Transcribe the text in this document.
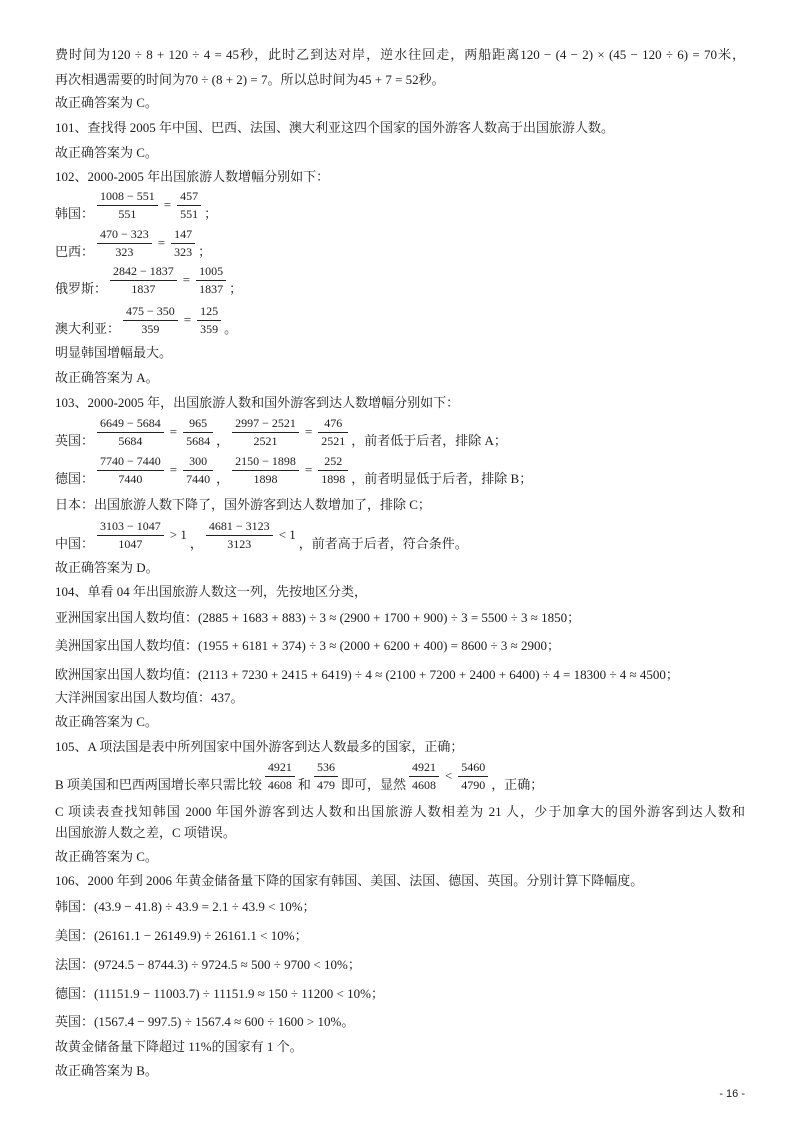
费时间为120 ÷ 8 + 120 ÷ 4 = 45秒，此时乙到达对岸，逆水往回走，两船距离120 − (4 − 2) × (45 − 120 ÷ 6) = 70米，
再次相遇需要的时间为70 ÷ (8 + 2) = 7。所以总时间为45 + 7 = 52秒。
故正确答案为 C。
101、查找得 2005 年中国、巴西、法国、澳大利亚这四个国家的国外游客人数高于出国旅游人数。
故正确答案为 C。
102、2000-2005 年出国旅游人数增幅分别如下：
韩国： $\frac{1008 - 551}{551} = \frac{457}{551}$ ；
巴西： $\frac{470 - 323}{323} = \frac{147}{323}$ ；
俄罗斯： $\frac{2842 - 1837}{1837} = \frac{1005}{1837}$ ；
澳大利亚： $\frac{475 - 350}{359} = \frac{125}{359}$ 。
明显韩国增幅最大。
故正确答案为 A。
103、2000-2005 年，出国旅游人数和国外游客到达人数增幅分别如下：
英国： $\frac{6649 - 5684}{5684} = \frac{965}{5684}$ ， $\frac{2997 - 2521}{2521} = \frac{476}{2521}$ ，前者低于后者，排除 A；
德国： $\frac{7740 - 7440}{7440} = \frac{300}{7440}$ ， $\frac{2150 - 1898}{1898} = \frac{252}{1898}$ ，前者明显低于后者，排除 B；
日本：出国旅游人数下降了，国外游客到达人数增加了，排除 C；
中国： $\frac{3103 - 1047}{1047} > 1$， $\frac{4681 - 3123}{3123} < 1$，前者高于后者，符合条件。
故正确答案为 D。
104、单看 04 年出国旅游人数这一列，先按地区分类，
亚洲国家出国人数均值：(2885 + 1683 + 883) ÷ 3 ≈ (2900 + 1700 + 900) ÷ 3 = 5500 ÷ 3 ≈ 1850；
美洲国家出国人数均值：(1955 + 6181 + 374) ÷ 3 ≈ (2000 + 6200 + 400) = 8600 ÷ 3 ≈ 2900；
欧洲国家出国人数均值：(2113 + 7230 + 2415 + 6419) ÷ 4 ≈ (2100 + 7200 + 2400 + 6400) ÷ 4 = 18300 ÷ 4 ≈ 4500；
大洋洲国家出国人数均值：437。
故正确答案为 C。
105、A 项法国是表中所列国家中国外游客到达人数最多的国家，正确；
B 项美国和巴西两国增长率只需比较 $\frac{4921}{4608}$ 和 $\frac{536}{479}$ 即可，显然 $\frac{4921}{4608} < \frac{5460}{4790}$ ，正确；
C 项读表查找知韩国 2000 年国外游客到达人数和出国旅游人数相差为 21 人，少于加拿大的国外游客到达人数和
出国旅游人数之差，C 项错误。
故正确答案为 C。
106、2000 年到 2006 年黄金储备量下降的国家有韩国、美国、法国、德国、英国。分别计算下降幅度。
韩国：(43.9 − 41.8) ÷ 43.9 = 2.1 ÷ 43.9 < 10%；
美国：(26161.1 − 26149.9) ÷ 26161.1 < 10%；
法国：(9724.5 − 8744.3) ÷ 9724.5 ≈ 500 ÷ 9700 < 10%；
德国：(11151.9 − 11003.7) ÷ 11151.9 ≈ 150 ÷ 11200 < 10%；
英国：(1567.4 − 997.5) ÷ 1567.4 ≈ 600 ÷ 1600 > 10%。
故黄金储备量下降超过 11%的国家有 1 个。
故正确答案为 B。
- 16 -
